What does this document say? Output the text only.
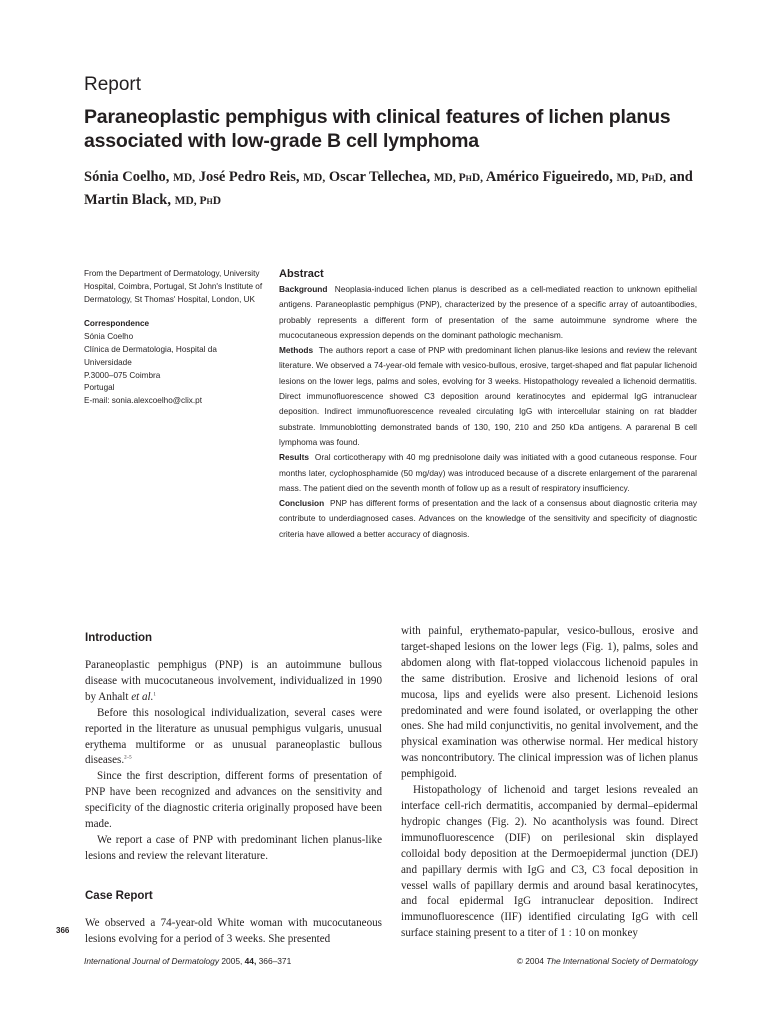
Report
Paraneoplastic pemphigus with clinical features of lichen planus associated with low-grade B cell lymphoma

Sónia Coelho, MD, José Pedro Reis, MD, Oscar Tellechea, MD, PhD, Américo Figueiredo, MD, PhD, and Martin Black, MD, PhD

From the Department of Dermatology, University Hospital, Coimbra, Portugal, St John's Institute of Dermatology, St Thomas' Hospital, London, UK

Correspondence

Sónia Coelho

Clínica de Dermatologia, Hospital da Universidade

P.3000–075 Coimbra

Portugal

E-mail: sonia.alexcoelho@clix.pt

Abstract

Background Neoplasia-induced lichen planus is described as a cell-mediated reaction to unknown epithelial antigens. Paraneoplastic pemphigus (PNP), characterized by the presence of a specific array of autoantibodies, probably represents a different form of presentation of the same autoimmune syndrome where the mucocutaneous expression depends on the dominant pathologic mechanism.

Methods The authors report a case of PNP with predominant lichen planus-like lesions and review the relevant literature. We observed a 74-year-old female with vesico-bullous, erosive, target-shaped and flat papular lichenoid lesions on the lower legs, palms and soles, evolving for 3 weeks. Histopathology revealed a lichenoid dermatitis. Direct immunofluorescence showed C3 deposition around keratinocytes and epidermal IgG intranuclear deposition. Indirect immunofluorescence revealed circulating IgG with intercellular staining on rat bladder substrate. Immunoblotting demonstrated bands of 130, 190, 210 and 250 kDa antigens. A pararenal B cell lymphoma was found.

Results Oral corticotherapy with 40 mg prednisolone daily was initiated with a good cutaneous response. Four months later, cyclophosphamide (50 mg/day) was introduced because of a discrete enlargement of the pararenal mass. The patient died on the seventh month of follow up as a result of respiratory insufficiency.

Conclusion PNP has different forms of presentation and the lack of a consensus about diagnostic criteria may contribute to underdiagnosed cases. Advances on the knowledge of the sensitivity and specificity of diagnostic criteria have allowed a better accuracy of diagnosis.

Introduction

Paraneoplastic pemphigus (PNP) is an autoimmune bullous disease with mucocutaneous involvement, individualized in 1990 by Anhalt et al.$^1$

Before this nosological individualization, several cases were reported in the literature as unusual pemphigus vulgaris, unusual erythema multiforme or as unusual paraneoplastic bullous diseases.$^{2-5}$

Since the first description, different forms of presentation of PNP have been recognized and advances on the sensitivity and specificity of the diagnostic criteria originally proposed have been made.

We report a case of PNP with predominant lichen planus-like lesions and review the relevant literature.

Case Report

We observed a 74-year-old White woman with mucocutaneous lesions evolving for a period of 3 weeks. She presented

with painful, erythemato-papular, vesico-bullous, erosive and target-shaped lesions on the lower legs (Fig. 1), palms, soles and abdomen along with flat-topped violaccous lichenoid papules in the same distribution. Erosive and lichenoid lesions of oral mucosa, lips and eyelids were also present. Lichenoid lesions predominated and were found isolated, or overlapping the other ones. She had mild conjunctivitis, no genital involvement, and the physical examination was otherwise normal. Her medical history was noncontributory. The clinical impression was of lichen planus pemphigoid.

Histopathology of lichenoid and target lesions revealed an interface cell-rich dermatitis, accompanied by dermal–epidermal hydropic changes (Fig. 2). No acantholysis was found. Direct immunofluorescence (DIF) on perilesional skin displayed colloidal body deposition at the Dermoepidermal junction (DEJ) and papillary dermis with IgG and C3, C3 focal deposition in vessel walls of papillary dermis and around basal keratinocytes, and focal epidermal IgG intranuclear deposition. Indirect immunofluorescence (IIF) identified circulating IgG with cell surface staining present to a titer of 1 : 10 on monkey

366
International Journal of Dermatology 2005, 44, 366–371	© 2004 The International Society of Dermatology
